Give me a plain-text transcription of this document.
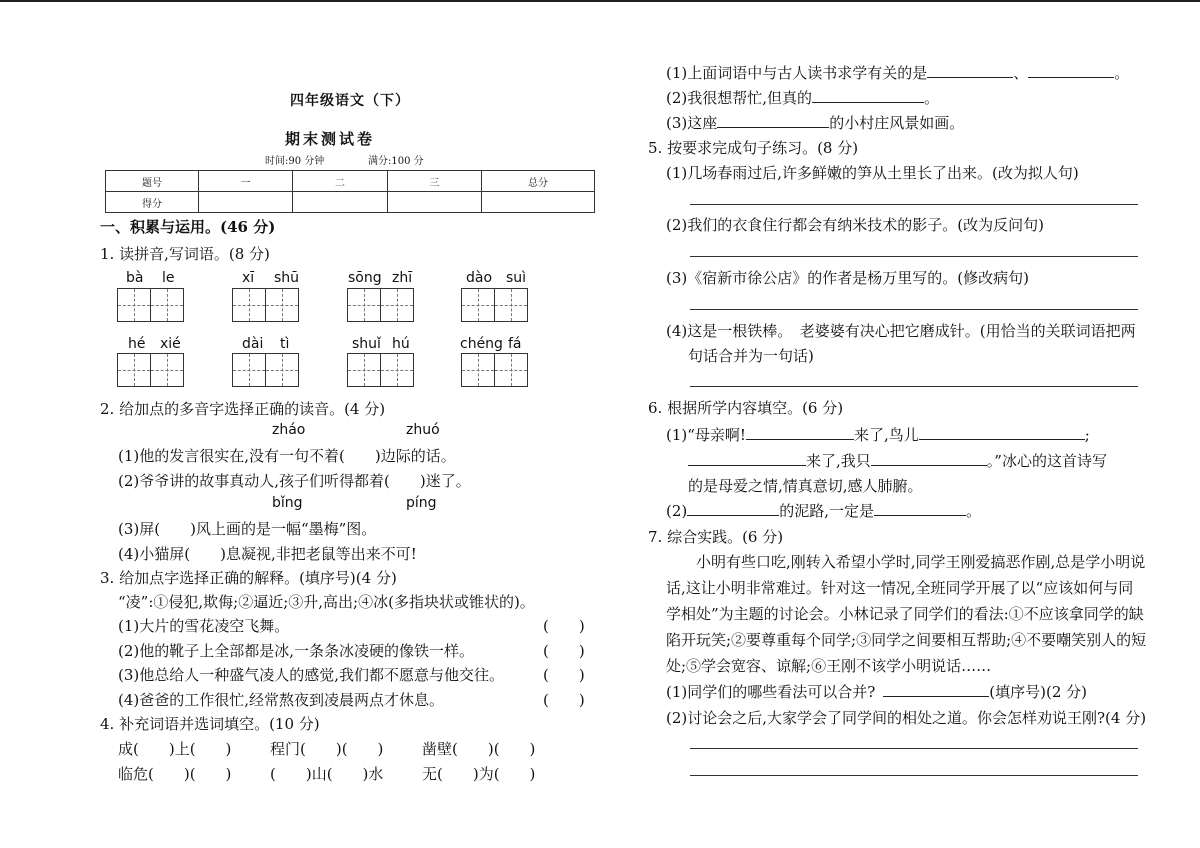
四年级语文（下）
期末测试卷
时间:90 分钟	满分:100 分
题号	一	二	三	总分
得分				
一、积累与运用。(46 分)
1. 读拼音,写词语。(8 分)
bà le	xī shū	sōng zhī	dào suì
hé xié	dài tì	shuǐ hú	chéng fá
2. 给加点的多音字选择正确的读音。(4 分)
zháo	zhuó
(1)他的发言很实在,没有一句不着(　　)边际的话。
(2)爷爷讲的故事真动人,孩子们听得都着(　　)迷了。
bǐng	píng
(3)屏(　　)风上画的是一幅“墨梅”图。
(4)小猫屏(　　)息凝视,非把老鼠等出来不可!
3. 给加点字选择正确的解释。(填序号)(4 分)
“凌”:①侵犯,欺侮;②逼近;③升,高出;④冰(多指块状或锥状的)。
(1)大片的雪花凌空飞舞。	(　　)
(2)他的靴子上全部都是冰,一条条冰凌硬的像铁一样。	(　　)
(3)他总给人一种盛气凌人的感觉,我们都不愿意与他交往。	(　　)
(4)爸爸的工作很忙,经常熬夜到凌晨两点才休息。	(　　)
4. 补充词语并选词填空。(10 分)
成(　　)上(　　)	程门(　　)(　　)	凿壁(　　)(　　)
临危(　　)(　　)	(　　)山(　　)水	无(　　)为(　　)
(1)上面词语中与古人读书求学有关的是	、	。
(2)我很想帮忙,但真的	。
(3)这座	的小村庄风景如画。
5. 按要求完成句子练习。(8 分)
(1)几场春雨过后,许多鲜嫩的笋从土里长了出来。(改为拟人句)
(2)我们的衣食住行都会有纳米技术的影子。(改为反问句)
(3)《宿新市徐公店》的作者是杨万里写的。(修改病句)
(4)这是一根铁棒。　老婆婆有决心把它磨成针。(用恰当的关联词语把两
句话合并为一句话)
6. 根据所学内容填空。(6 分)
(1)“母亲啊!	来了,鸟儿	;
来了,我只	。”冰心的这首诗写
的是母爱之情,情真意切,感人肺腑。
(2)	的泥路,一定是	。
7. 综合实践。(6 分)
小明有些口吃,刚转入希望小学时,同学王刚爱搞恶作剧,总是学小明说
话,这让小明非常难过。针对这一情况,全班同学开展了以“应该如何与同
学相处”为主题的讨论会。小林记录了同学们的看法:①不应该拿同学的缺
陷开玩笑;②要尊重每个同学;③同学之间要相互帮助;④不要嘲笑别人的短
处;⑤学会宽容、谅解;⑥王刚不该学小明说话……
(1)同学们的哪些看法可以合并?	(填序号)(2 分)
(2)讨论会之后,大家学会了同学间的相处之道。你会怎样劝说王刚?(4 分)
